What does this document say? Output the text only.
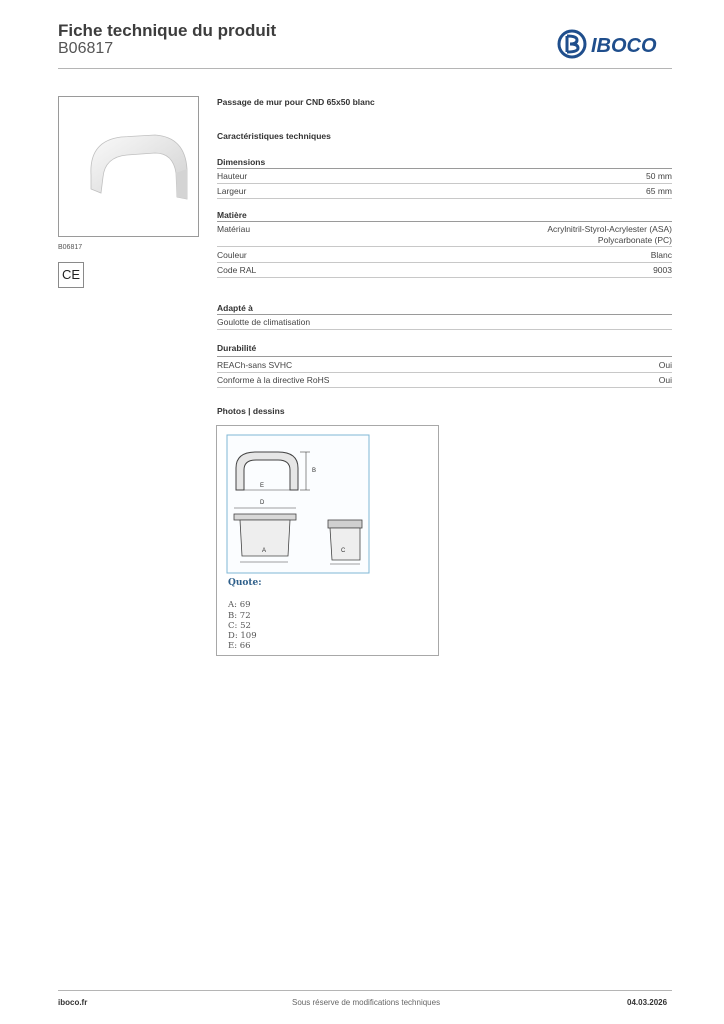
Fiche technique du produit
B06817	IBOCO
B06817
CE
Passage de mur pour CND 65x50 blanc
Caractéristiques techniques
Dimensions
Hauteur	50 mm
Largeur	65 mm
Matière
Matériau	Acrylnitril-Styrol-Acrylester (ASA)
Polycarbonate (PC)
Couleur	Blanc
Code RAL	9003
Adapté à
Goulotte de climatisation
Durabilité
REACh-sans SVHC	Oui
Conforme à la directive RoHS	Oui
Photos | dessins
B
E
D
A	C
Quote:
A: 69
B: 72
C: 52
D: 109
E: 66
iboco.fr	Sous réserve de modifications techniques	04.03.2026
